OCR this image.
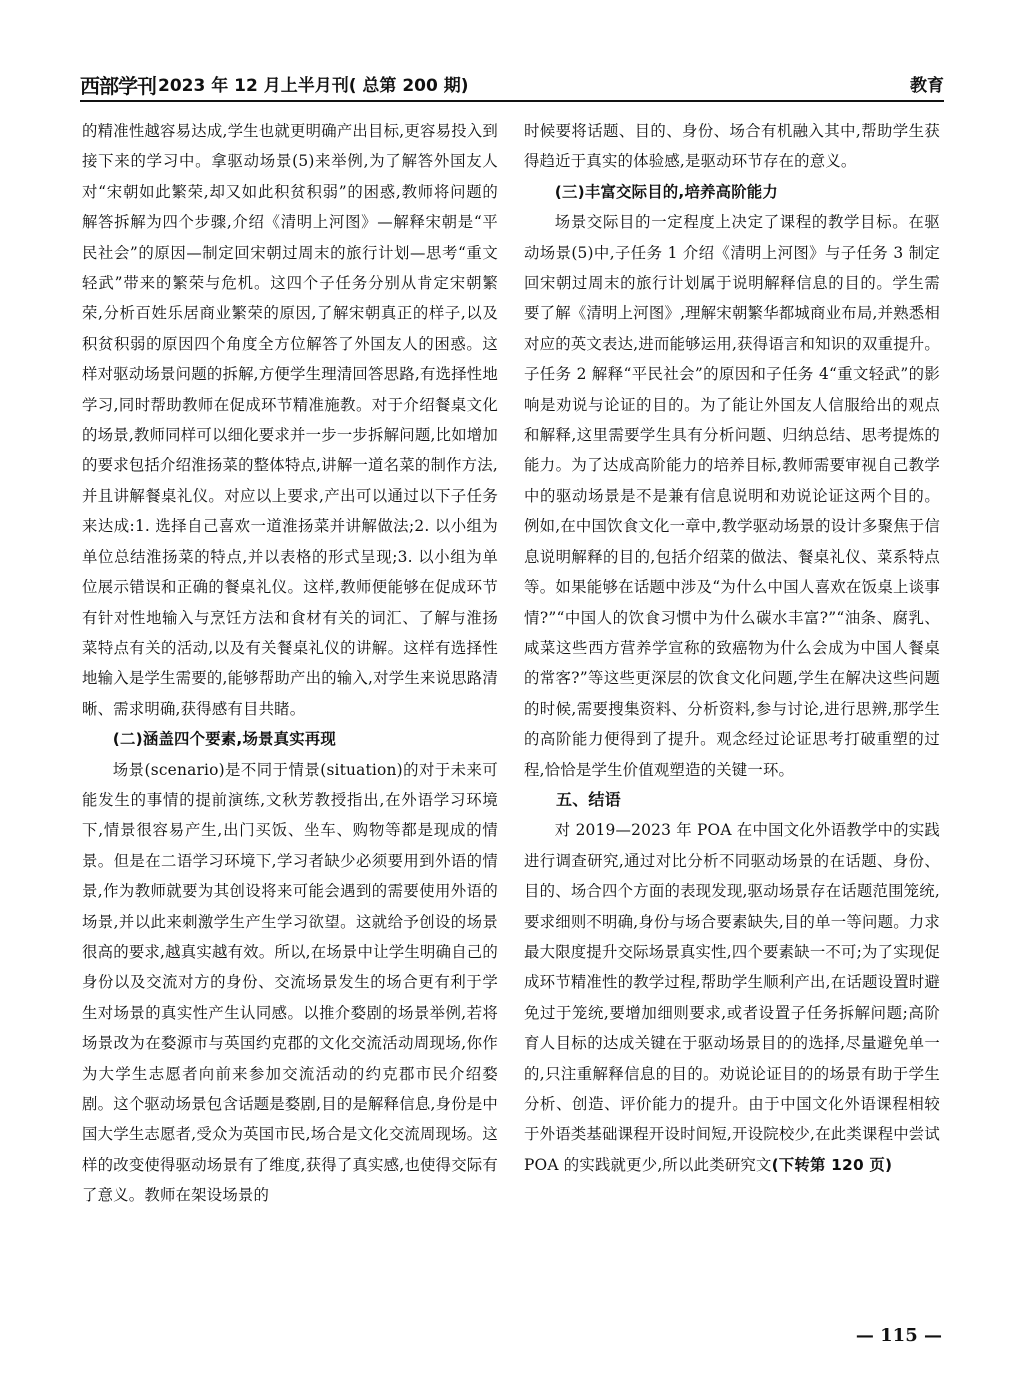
西部学刊 2023 年 12 月上半月刊( 总第 200 期)	教育

的精准性越容易达成,学生也就更明确产出目标,更容易投入到接下来的学习中。拿驱动场景(5)来举例,为了解答外国友人对“宋朝如此繁荣,却又如此积贫积弱”的困惑,教师将问题的解答拆解为四个步骤,介绍《清明上河图》—解释宋朝是“平民社会”的原因—制定回宋朝过周末的旅行计划—思考“重文轻武”带来的繁荣与危机。这四个子任务分别从肯定宋朝繁荣,分析百姓乐居商业繁荣的原因,了解宋朝真正的样子,以及积贫积弱的原因四个角度全方位解答了外国友人的困惑。这样对驱动场景问题的拆解,方便学生理清回答思路,有选择性地学习,同时帮助教师在促成环节精准施教。对于介绍餐桌文化的场景,教师同样可以细化要求并一步一步拆解问题,比如增加的要求包括介绍淮扬菜的整体特点,讲解一道名菜的制作方法,并且讲解餐桌礼仪。对应以上要求,产出可以通过以下子任务来达成:1. 选择自己喜欢一道淮扬菜并讲解做法;2. 以小组为单位总结淮扬菜的特点,并以表格的形式呈现;3. 以小组为单位展示错误和正确的餐桌礼仪。这样,教师便能够在促成环节有针对性地输入与烹饪方法和食材有关的词汇、了解与淮扬菜特点有关的活动,以及有关餐桌礼仪的讲解。这样有选择性地输入是学生需要的,能够帮助产出的输入,对学生来说思路清晰、需求明确,获得感有目共睹。

(二)涵盖四个要素,场景真实再现

场景(scenario)是不同于情景(situation)的对于未来可能发生的事情的提前演练,文秋芳教授指出,在外语学习环境下,情景很容易产生,出门买饭、坐车、购物等都是现成的情景。但是在二语学习环境下,学习者缺少必须要用到外语的情景,作为教师就要为其创设将来可能会遇到的需要使用外语的场景,并以此来刺激学生产生学习欲望。这就给予创设的场景很高的要求,越真实越有效。所以,在场景中让学生明确自己的身份以及交流对方的身份、交流场景发生的场合更有利于学生对场景的真实性产生认同感。以推介婺剧的场景举例,若将场景改为在婺源市与英国约克郡的文化交流活动周现场,你作为大学生志愿者向前来参加交流活动的约克郡市民介绍婺剧。这个驱动场景包含话题是婺剧,目的是解释信息,身份是中国大学生志愿者,受众为英国市民,场合是文化交流周现场。这样的改变使得驱动场景有了维度,获得了真实感,也使得交际有了意义。教师在架设场景的

时候要将话题、目的、身份、场合有机融入其中,帮助学生获得趋近于真实的体验感,是驱动环节存在的意义。

(三)丰富交际目的,培养高阶能力

场景交际目的一定程度上决定了课程的教学目标。在驱动场景(5)中,子任务 1 介绍《清明上河图》与子任务 3 制定回宋朝过周末的旅行计划属于说明解释信息的目的。学生需要了解《清明上河图》,理解宋朝繁华都城商业布局,并熟悉相对应的英文表达,进而能够运用,获得语言和知识的双重提升。子任务 2 解释“平民社会”的原因和子任务 4“重文轻武”的影响是劝说与论证的目的。为了能让外国友人信服给出的观点和解释,这里需要学生具有分析问题、归纳总结、思考提炼的能力。为了达成高阶能力的培养目标,教师需要审视自己教学中的驱动场景是不是兼有信息说明和劝说论证这两个目的。例如,在中国饮食文化一章中,教学驱动场景的设计多聚焦于信息说明解释的目的,包括介绍菜的做法、餐桌礼仪、菜系特点等。如果能够在话题中涉及“为什么中国人喜欢在饭桌上谈事情?”“中国人的饮食习惯中为什么碳水丰富?”“油条、腐乳、咸菜这些西方营养学宣称的致癌物为什么会成为中国人餐桌的常客?”等这些更深层的饮食文化问题,学生在解决这些问题的时候,需要搜集资料、分析资料,参与讨论,进行思辨,那学生的高阶能力便得到了提升。观念经过论证思考打破重塑的过程,恰恰是学生价值观塑造的关键一环。

五、结语

对 2019—2023 年 POA 在中国文化外语教学中的实践进行调查研究,通过对比分析不同驱动场景的在话题、身份、目的、场合四个方面的表现发现,驱动场景存在话题范围笼统,要求细则不明确,身份与场合要素缺失,目的单一等问题。力求最大限度提升交际场景真实性,四个要素缺一不可;为了实现促成环节精准性的教学过程,帮助学生顺利产出,在话题设置时避免过于笼统,要增加细则要求,或者设置子任务拆解问题;高阶育人目标的达成关键在于驱动场景目的的选择,尽量避免单一的,只注重解释信息的目的。劝说论证目的的场景有助于学生分析、创造、评价能力的提升。由于中国文化外语课程相较于外语类基础课程开设时间短,开设院校少,在此类课程中尝试 POA 的实践就更少,所以此类研究文(下转第 120 页)

— 115 —
